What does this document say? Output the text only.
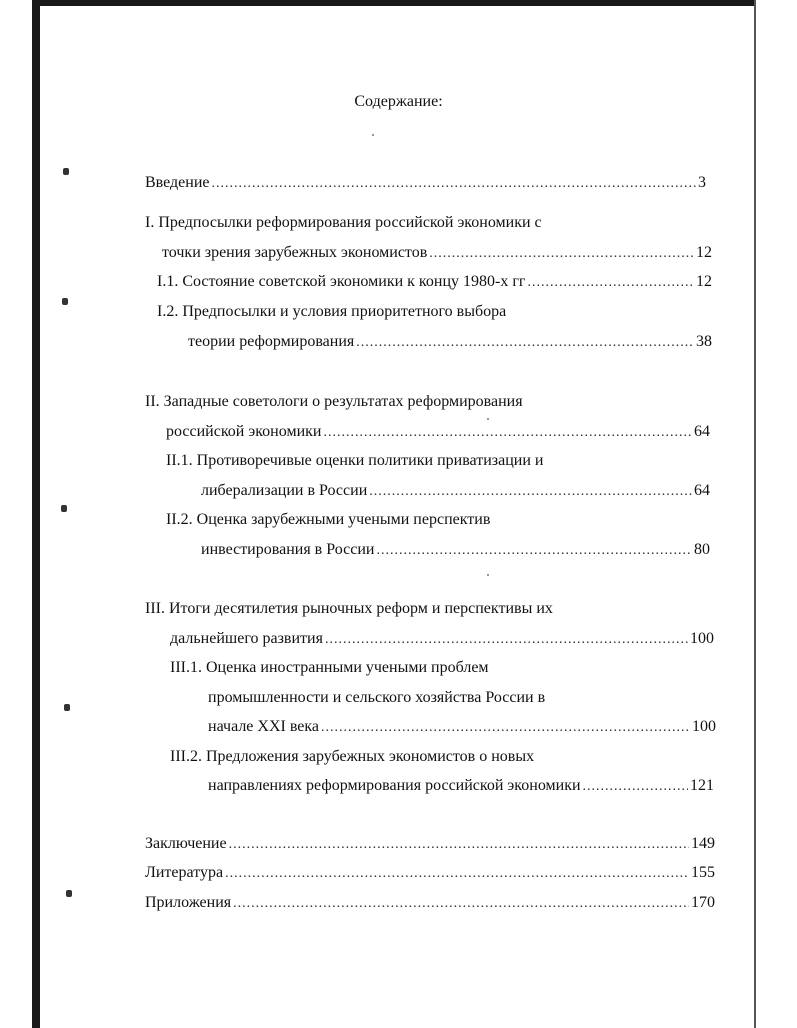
Содержание:
Введение .....	3
I. Предпосылки реформирования российской экономики с
точки зрения зарубежных экономистов .....	12
I.1. Состояние советской экономики к концу 1980-х гг .....	12
I.2. Предпосылки и условия приоритетного выбора
теории реформирования .....	38
II. Западные советологи о результатах реформирования
российской экономики .....	64
II.1. Противоречивые оценки политики приватизации и
либерализации в России .....	64
II.2. Оценка зарубежными учеными перспектив
инвестирования в России .....	80
III. Итоги десятилетия рыночных реформ и перспективы их
дальнейшего развития .....	100
III.1. Оценка иностранными учеными проблем
промышленности и сельского хозяйства России в
начале XXI века .....	100
III.2. Предложения зарубежных экономистов о новых
направлениях реформирования российской экономики .....	121
Заключение .....	149
Литература .....	155
Приложения .....	170
